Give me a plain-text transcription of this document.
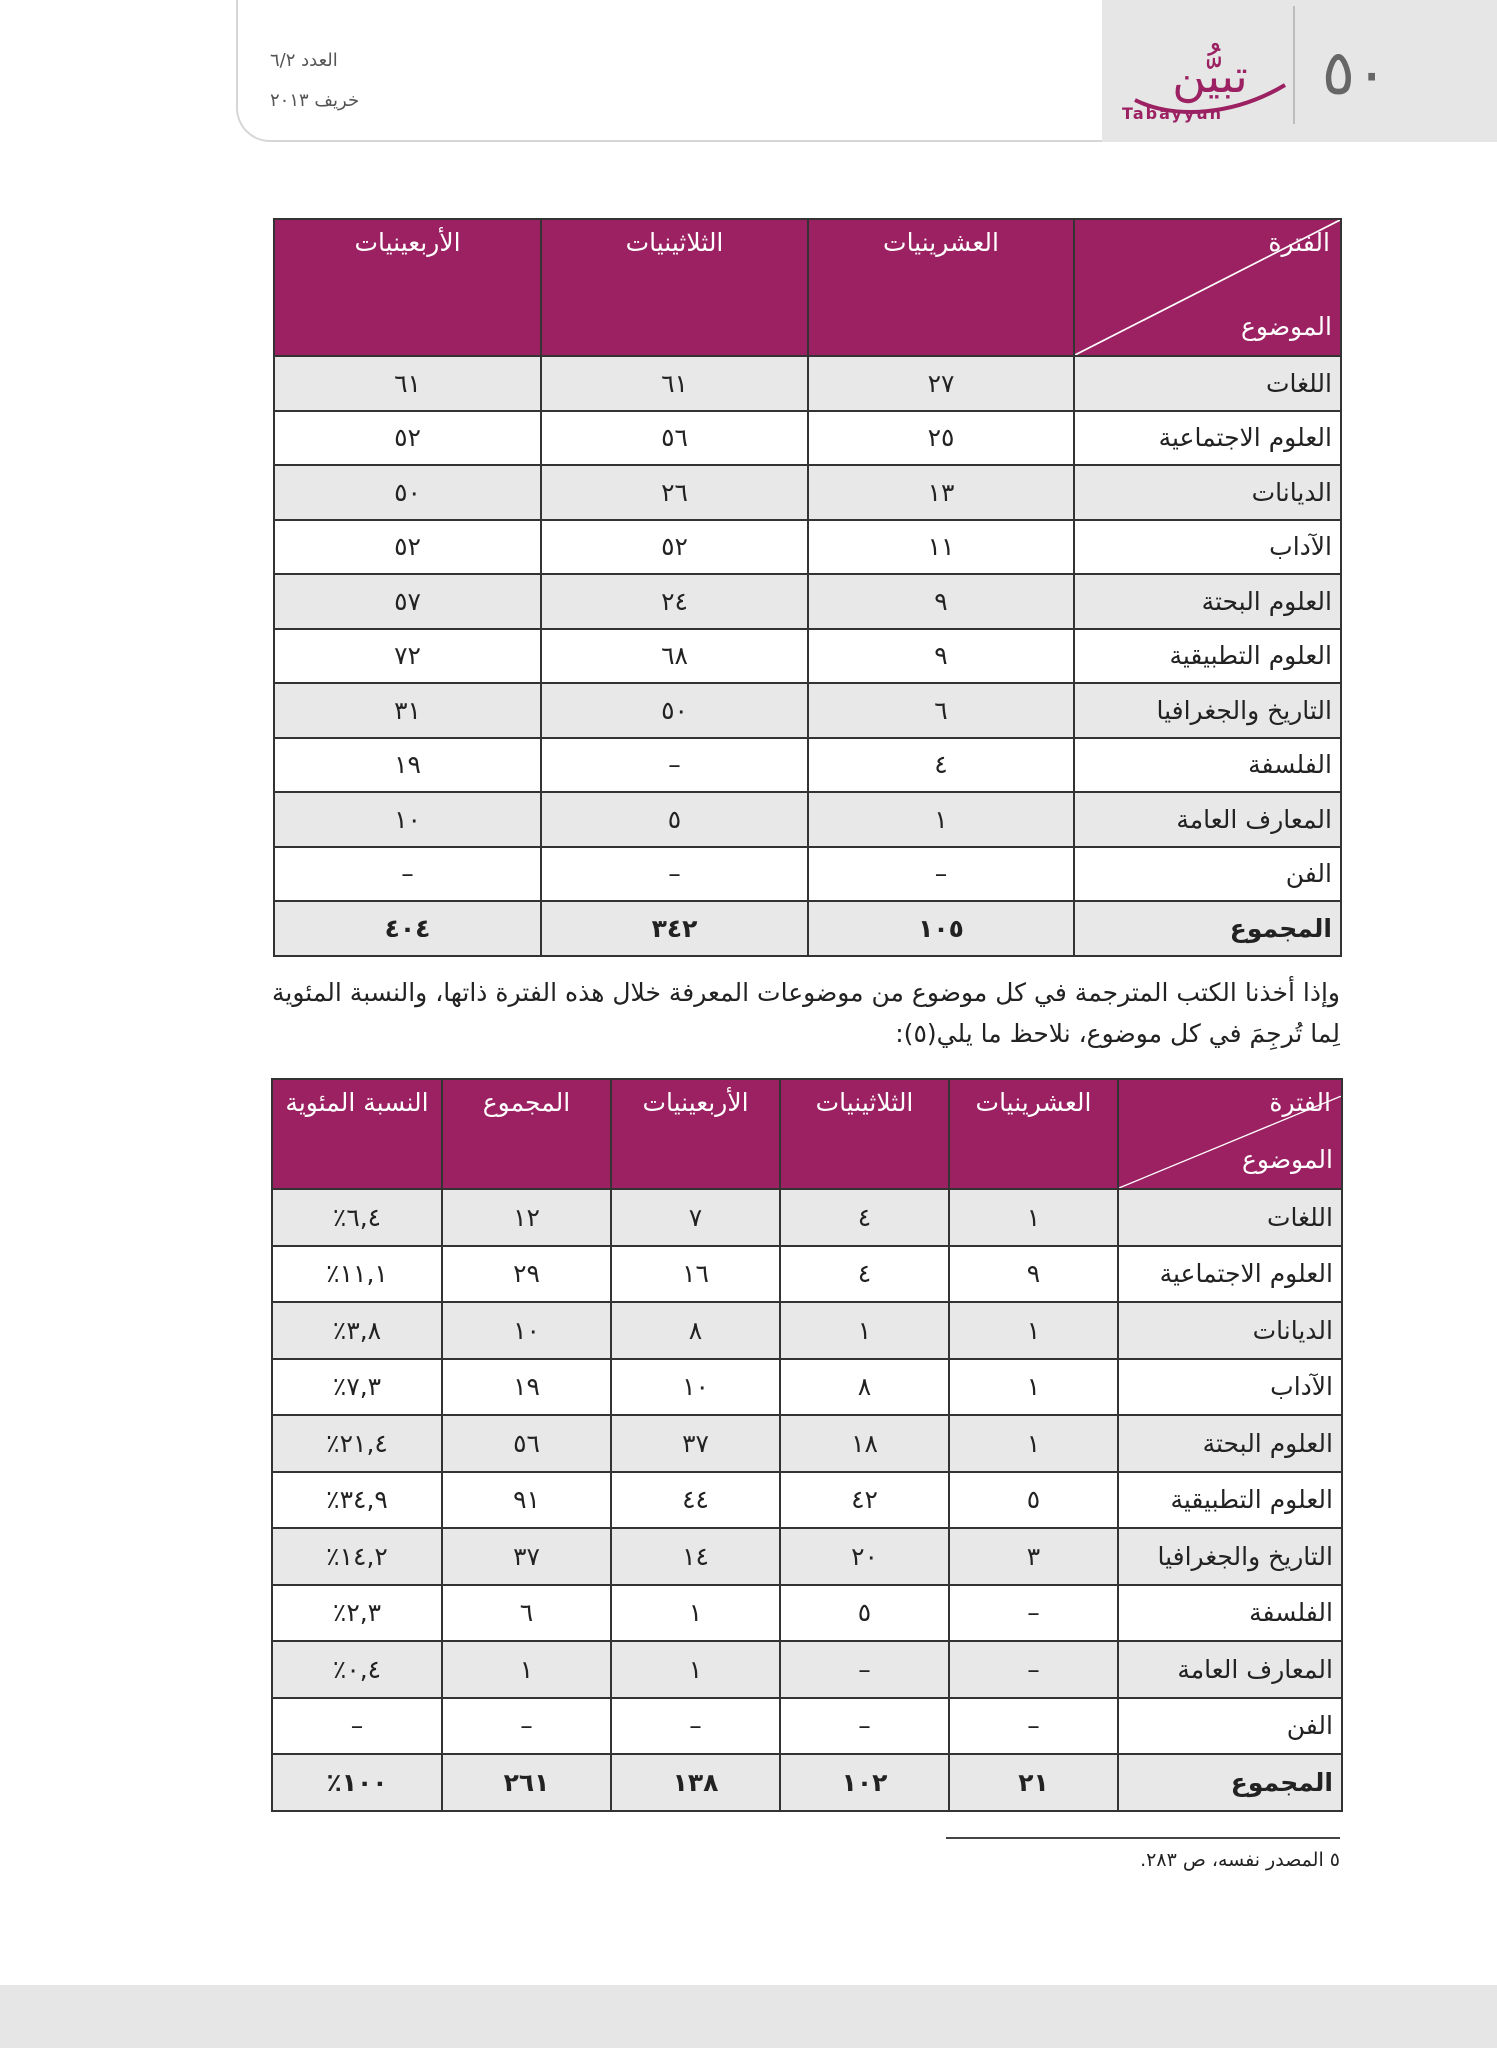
٥٠
تبيُّن
Tabayyun
العدد ٦/٢
خريف ٢٠١٣
الفترة
الموضوع	العشرينيات	الثلاثينيات	الأربعينيات
اللغات	٢٧	٦١	٦١
العلوم الاجتماعية	٢٥	٥٦	٥٢
الديانات	١٣	٢٦	٥٠
الآداب	١١	٥٢	٥٢
العلوم البحتة	٩	٢٤	٥٧
العلوم التطبيقية	٩	٦٨	٧٢
التاريخ والجغرافيا	٦	٥٠	٣١
الفلسفة	٤	–	١٩
المعارف العامة	١	٥	١٠
الفن	–	–	–
المجموع	١٠٥	٣٤٢	٤٠٤
وإذا أخذنا الكتب المترجمة في كل موضوع من موضوعات المعرفة خلال هذه الفترة ذاتها، والنسبة المئوية لِما تُرجِمَ في كل موضوع، نلاحظ ما يلي(٥):
الفترة
الموضوع	العشرينيات	الثلاثينيات	الأربعينيات	المجموع	النسبة المئوية
اللغات	١	٤	٧	١٢	٦,٤٪
العلوم الاجتماعية	٩	٤	١٦	٢٩	١١,١٪
الديانات	١	١	٨	١٠	٣,٨٪
الآداب	١	٨	١٠	١٩	٧,٣٪
العلوم البحتة	١	١٨	٣٧	٥٦	٢١,٤٪
العلوم التطبيقية	٥	٤٢	٤٤	٩١	٣٤,٩٪
التاريخ والجغرافيا	٣	٢٠	١٤	٣٧	١٤,٢٪
الفلسفة	–	٥	١	٦	٢,٣٪
المعارف العامة	–	–	١	١	٠,٤٪
الفن	–	–	–	–	–
المجموع	٢١	١٠٢	١٣٨	٢٦١	١٠٠٪
٥ المصدر نفسه، ص ٢٨٣.
